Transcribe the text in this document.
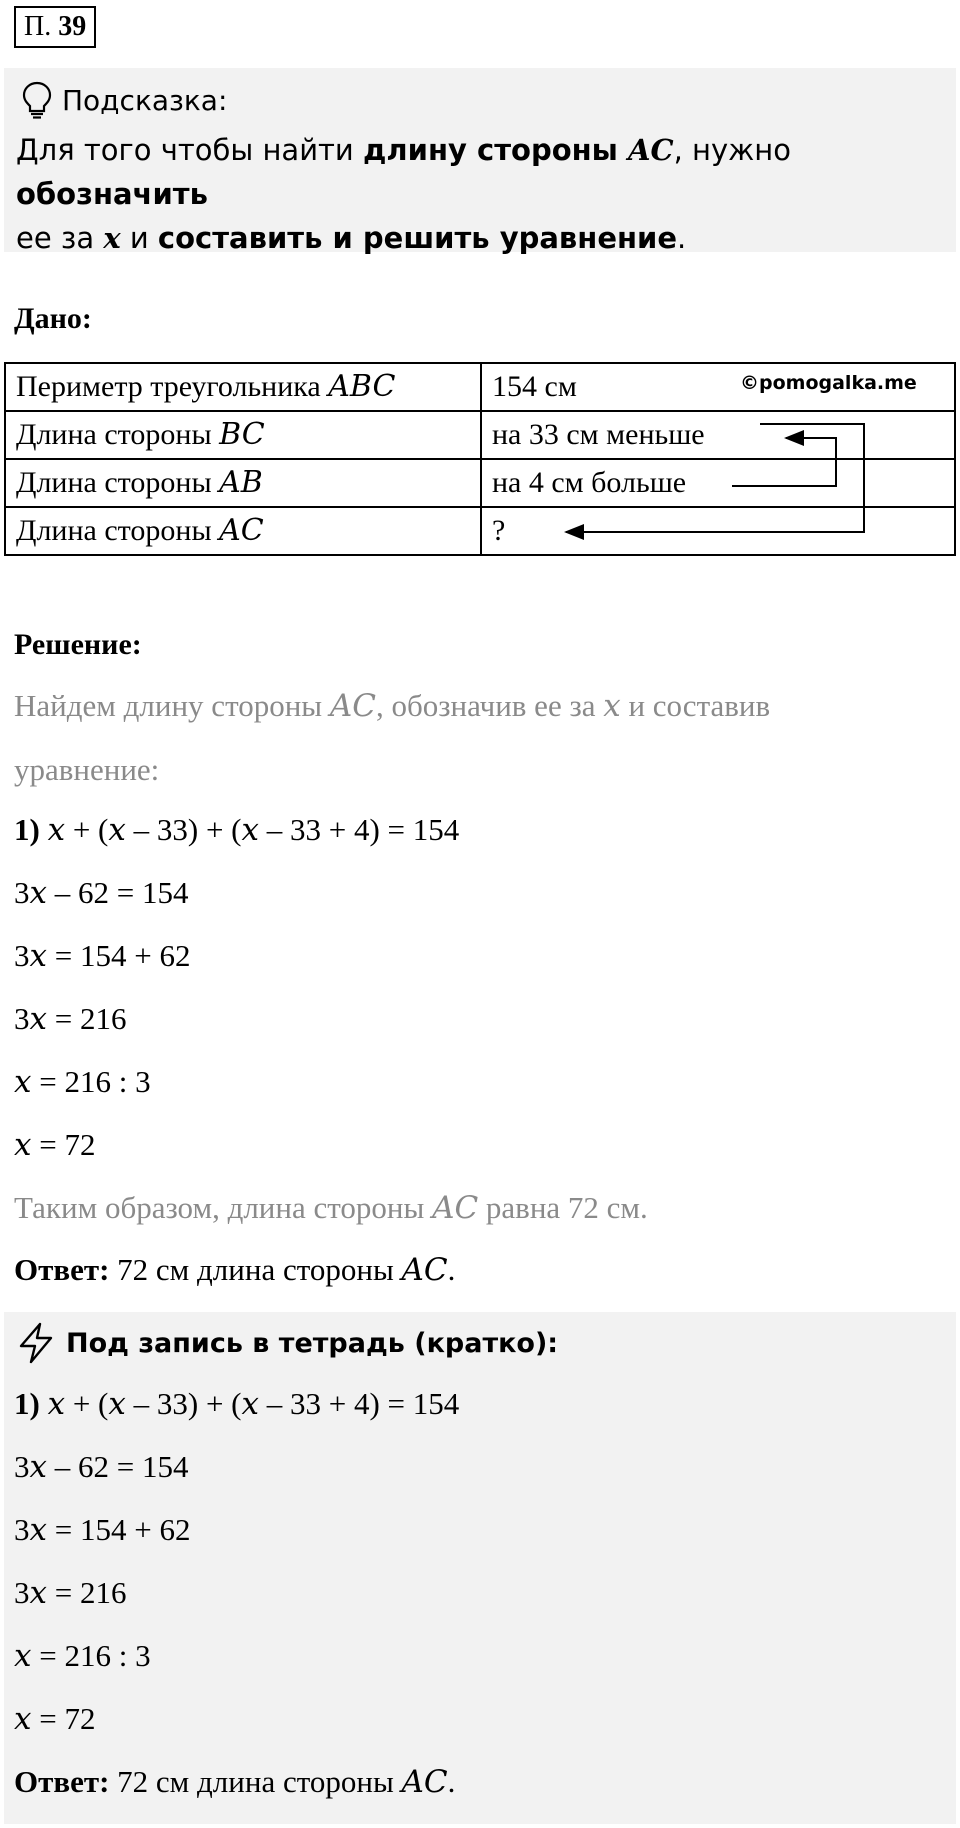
П. 39
Подсказка:
Для того чтобы найти длину стороны AC, нужно обозначить
ее за x и составить и решить уравнение.
Дано:
Периметр треугольника ABC	154 см
Длина стороны BC	на 33 см меньше
Длина стороны AB	на 4 см больше
Длина стороны AC	?
©pomogalka.me
Решение:
Найдем длину стороны AC, обозначив ее за x и составив
уравнение:
1) x + (x – 33) + (x – 33 + 4) = 154
3x – 62 = 154
3x = 154 + 62
3x = 216
x = 216 : 3
x = 72
Таким образом, длина стороны AC равна 72 см.
Ответ: 72 см длина стороны AC.
Под запись в тетрадь (кратко):
1) x + (x – 33) + (x – 33 + 4) = 154
3x – 62 = 154
3x = 154 + 62
3x = 216
x = 216 : 3
x = 72
Ответ: 72 см длина стороны AC.
